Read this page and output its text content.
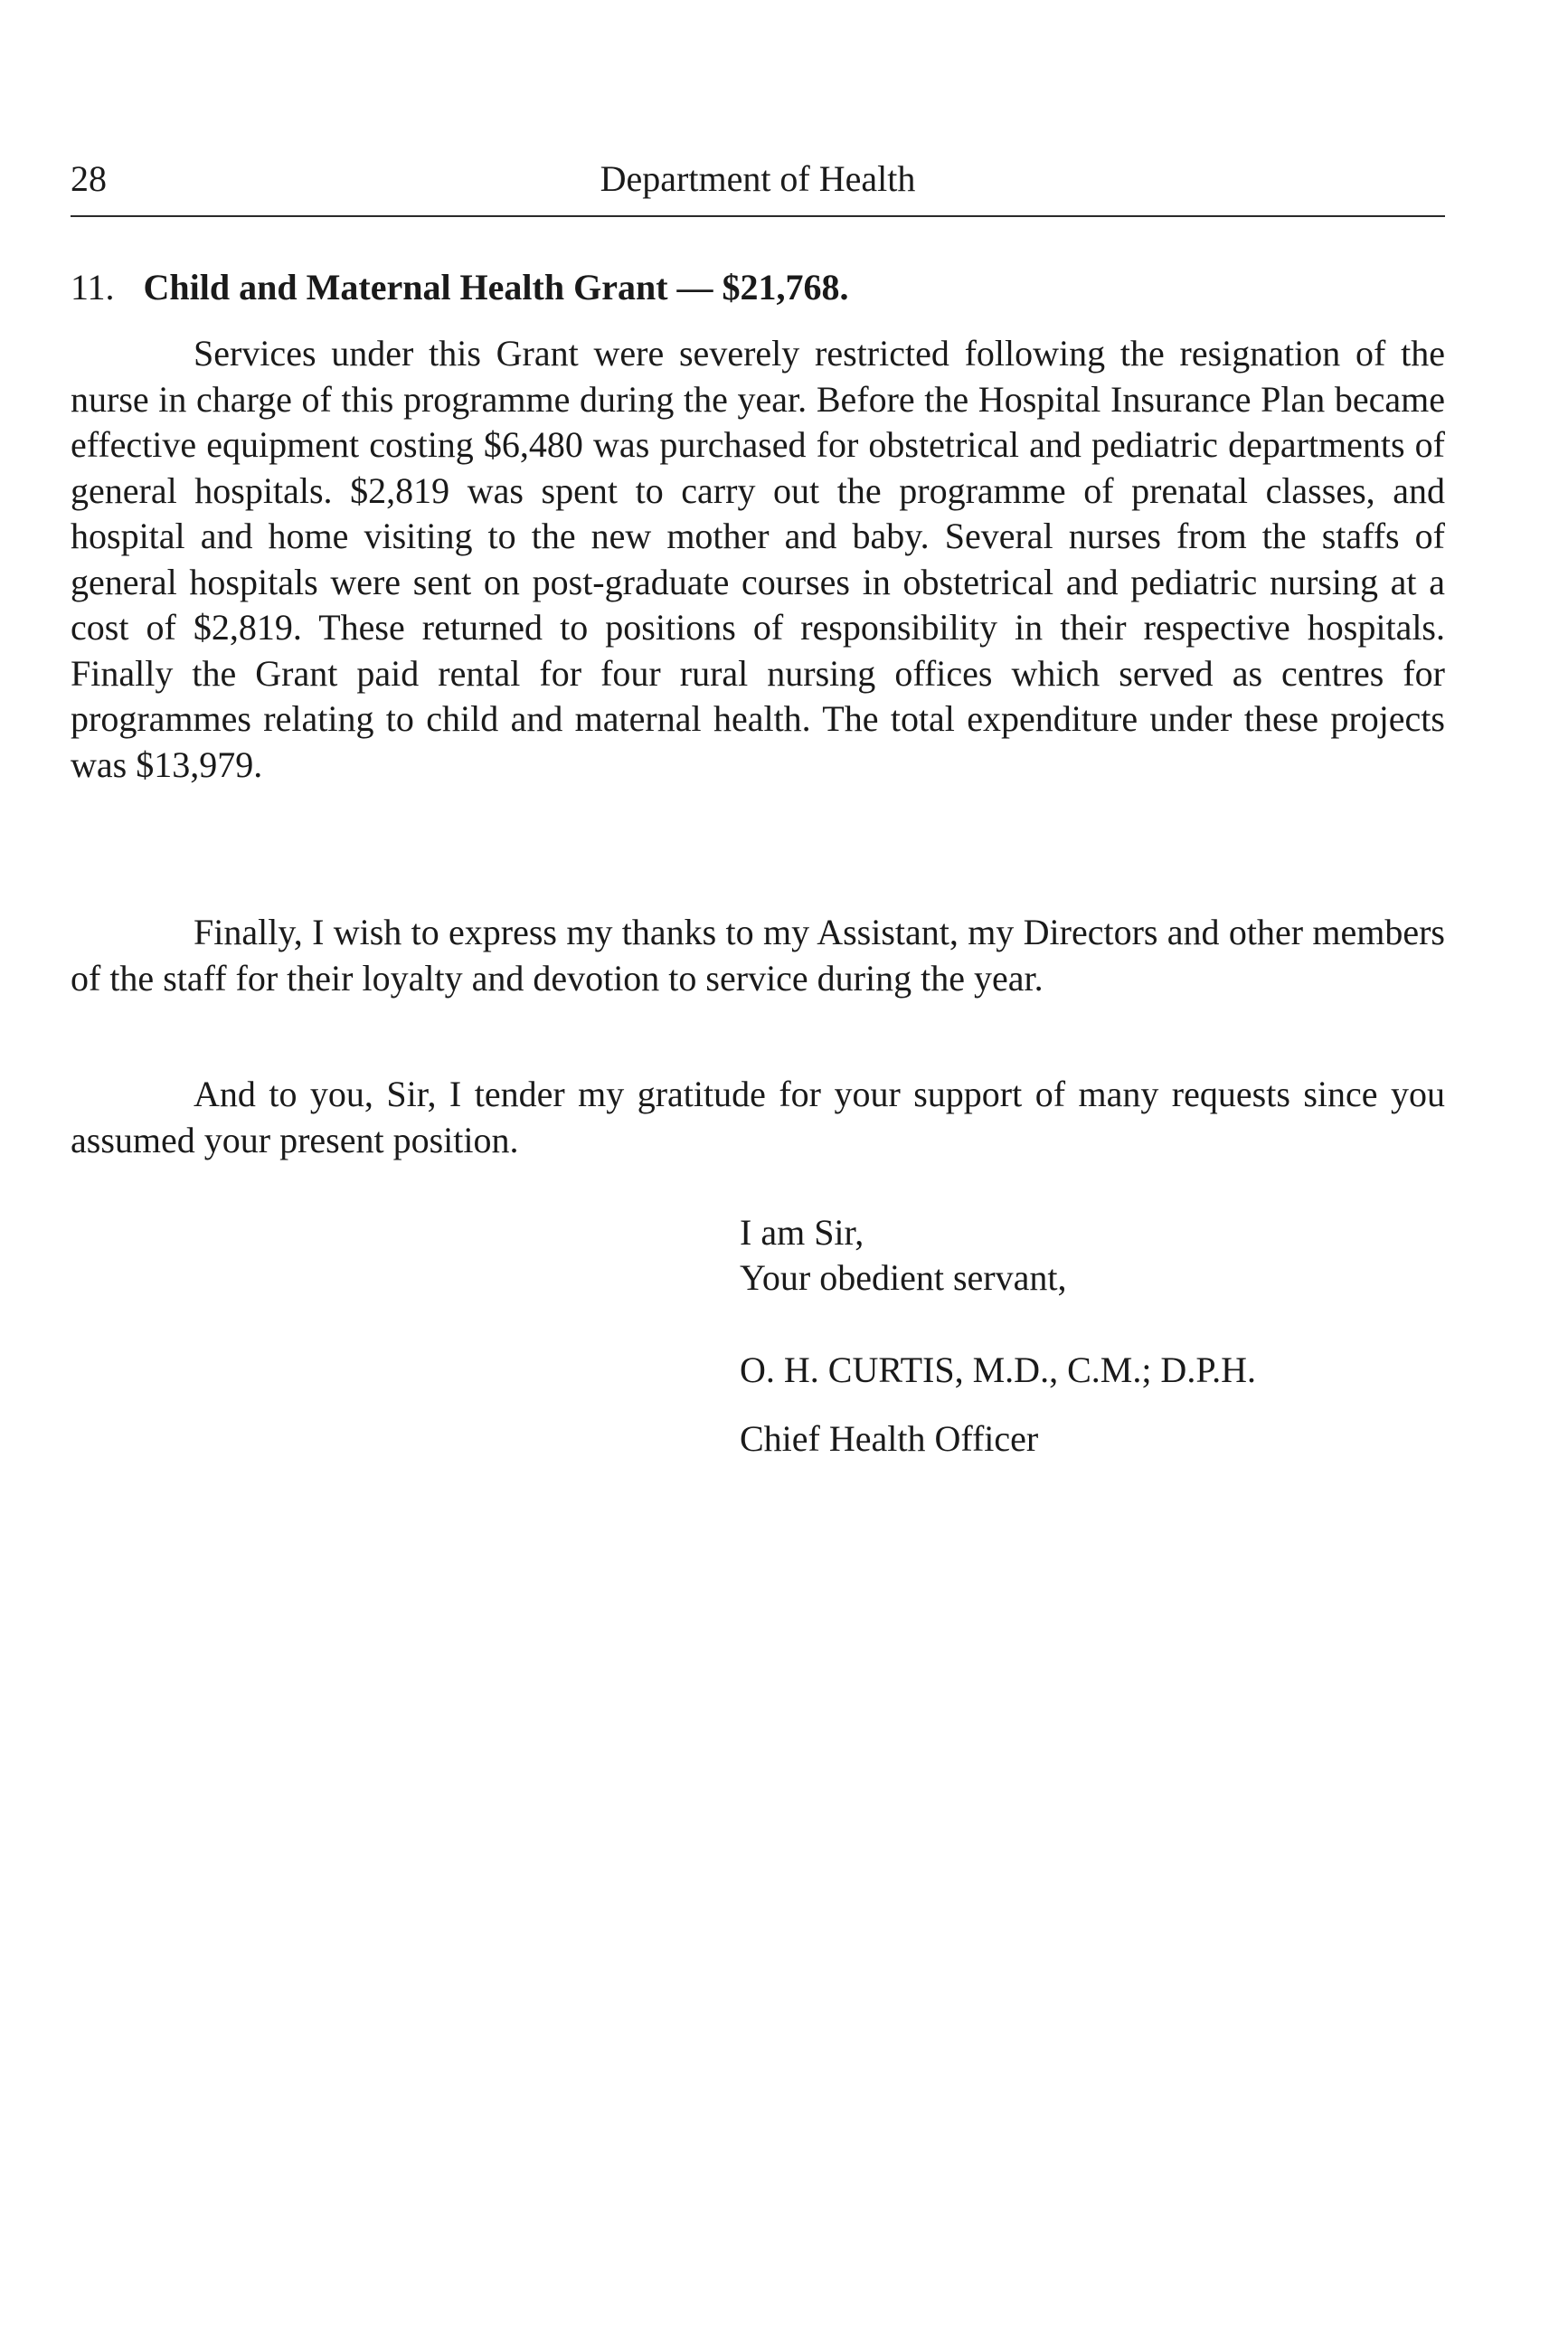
28	Department of Health
11. Child and Maternal Health Grant — $21,768.

Services under this Grant were severely restricted following the resignation of the nurse in charge of this programme during the year. Before the Hospital Insurance Plan became effective equipment costing $6,480 was purchased for obstetrical and pediatric departments of general hospitals. $2,819 was spent to carry out the programme of prenatal classes, and hospital and home visiting to the new mother and baby. Several nurses from the staffs of general hospitals were sent on post-graduate courses in obstetrical and pediatric nursing at a cost of $2,819. These returned to positions of responsibility in their respective hospitals. Finally the Grant paid rental for four rural nursing offices which served as centres for programmes relating to child and maternal health. The total expenditure under these projects was $13,979.

Finally, I wish to express my thanks to my Assistant, my Directors and other members of the staff for their loyalty and devotion to service during the year.

And to you, Sir, I tender my gratitude for your support of many requests since you assumed your present position.

I am Sir,
Your obedient servant,
O. H. CURTIS, M.D., C.M.; D.P.H.
Chief Health Officer
